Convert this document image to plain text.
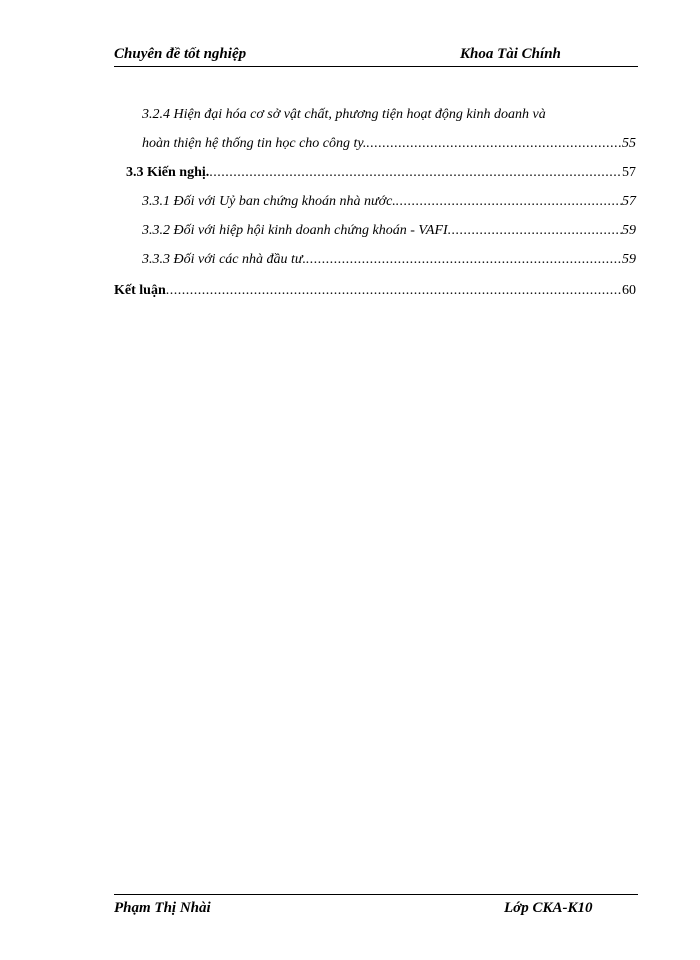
Chuyên đề tốt nghiệp	Khoa Tài Chính
3.2.4 Hiện đại hóa cơ sở vật chất, phương tiện hoạt động kinh doanh và
hoàn thiện hệ thống tin học cho công ty. .....	55
3.3 Kiến nghị. .....	57
3.3.1 Đối với Uỷ ban chứng khoán nhà nước. .....	57
3.3.2 Đối với hiệp hội kinh doanh chứng khoán - VAFI .....	59
3.3.3 Đối với các nhà đầu tư. .....	59
Kết luận .....	60
Phạm Thị Nhài	Lớp CKA-K10
